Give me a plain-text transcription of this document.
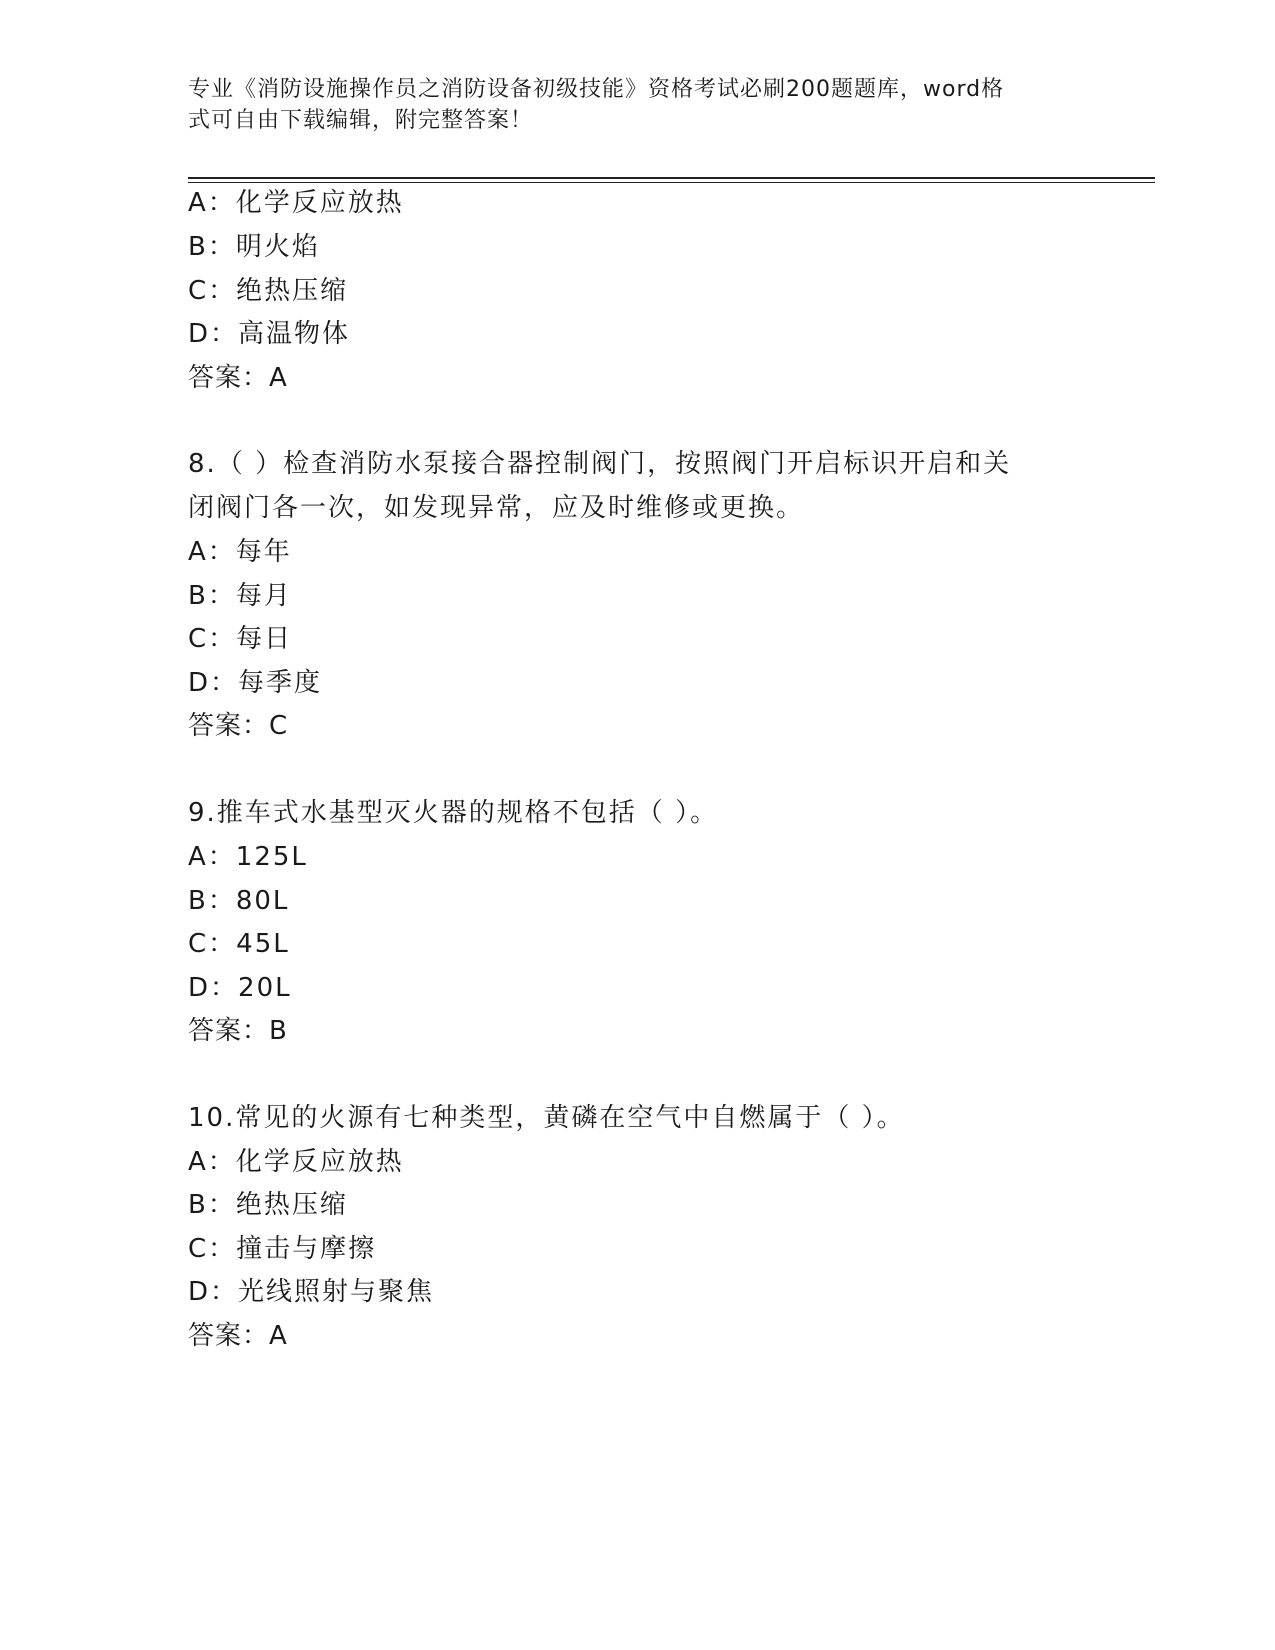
专业《消防设施操作员之消防设备初级技能》资格考试必刷200题题库，word格
式可自由下载编辑，附完整答案！
A：化学反应放热
B：明火焰
C：绝热压缩
D：高温物体
答案：A
8.（ ）检查消防水泵接合器控制阀门，按照阀门开启标识开启和关
闭阀门各一次，如发现异常，应及时维修或更换。
A：每年
B：每月
C：每日
D：每季度
答案：C
9.推车式水基型灭火器的规格不包括（ ）。
A：125L
B：80L
C：45L
D：20L
答案：B
10.常见的火源有七种类型，黄磷在空气中自燃属于（ ）。
A：化学反应放热
B：绝热压缩
C：撞击与摩擦
D：光线照射与聚焦
答案：A
